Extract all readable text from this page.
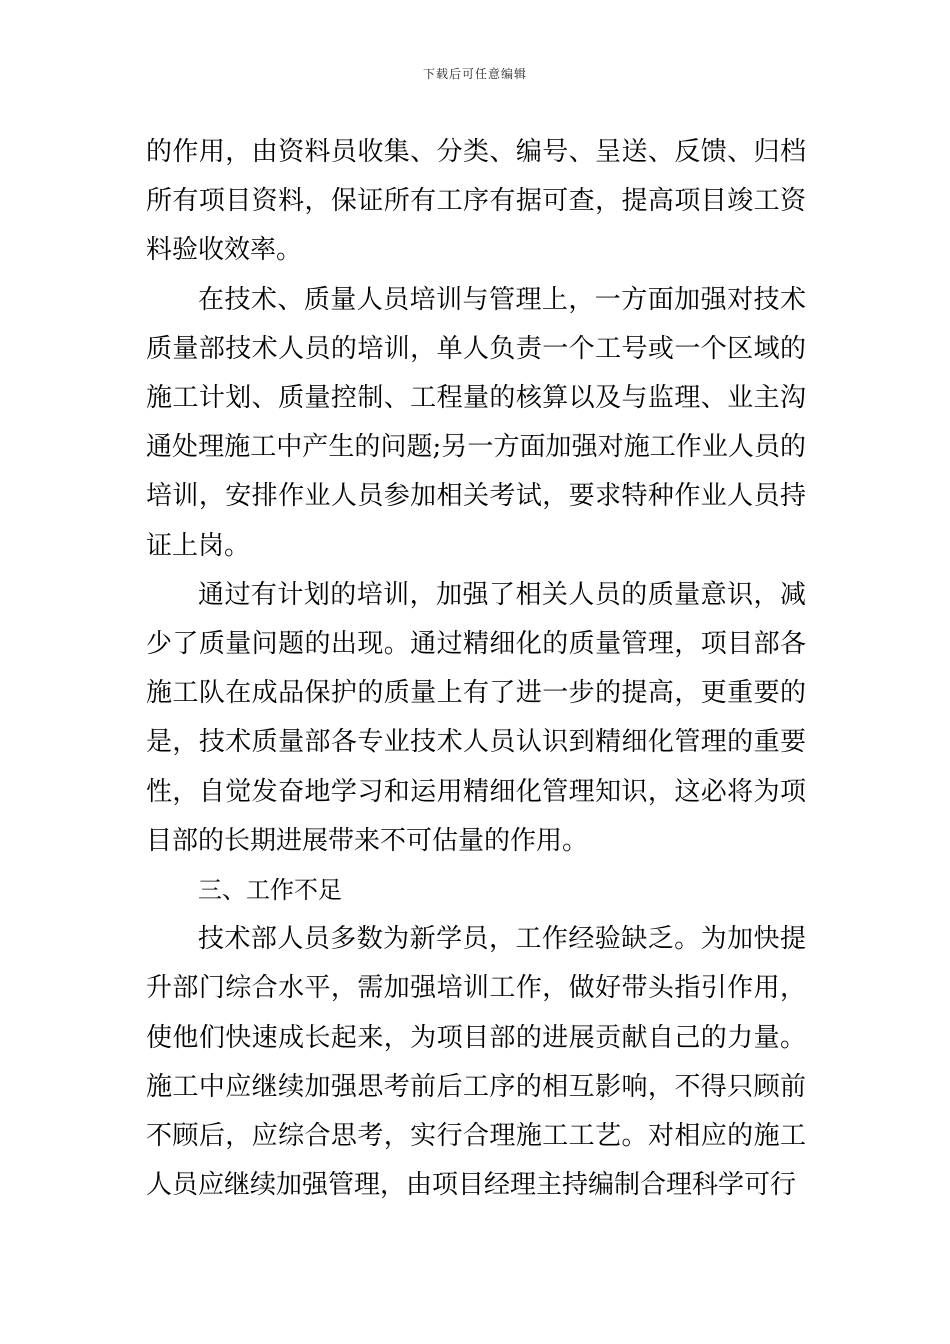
下载后可任意编辑

的作用，由资料员收集、分类、编号、呈送、反馈、归档所有项目资料，保证所有工序有据可查，提高项目竣工资料验收效率。

在技术、质量人员培训与管理上，一方面加强对技术质量部技术人员的培训，单人负责一个工号或一个区域的施工计划、质量控制、工程量的核算以及与监理、业主沟通处理施工中产生的问题;另一方面加强对施工作业人员的培训，安排作业人员参加相关考试，要求特种作业人员持证上岗。

通过有计划的培训，加强了相关人员的质量意识，减少了质量问题的出现。通过精细化的质量管理，项目部各施工队在成品保护的质量上有了进一步的提高，更重要的是，技术质量部各专业技术人员认识到精细化管理的重要性，自觉发奋地学习和运用精细化管理知识，这必将为项目部的长期进展带来不可估量的作用。

三、工作不足

技术部人员多数为新学员，工作经验缺乏。为加快提升部门综合水平，需加强培训工作，做好带头指引作用，使他们快速成长起来，为项目部的进展贡献自己的力量。施工中应继续加强思考前后工序的相互影响，不得只顾前不顾后，应综合思考，实行合理施工工艺。对相应的施工人员应继续加强管理，由项目经理主持编制合理科学可行
